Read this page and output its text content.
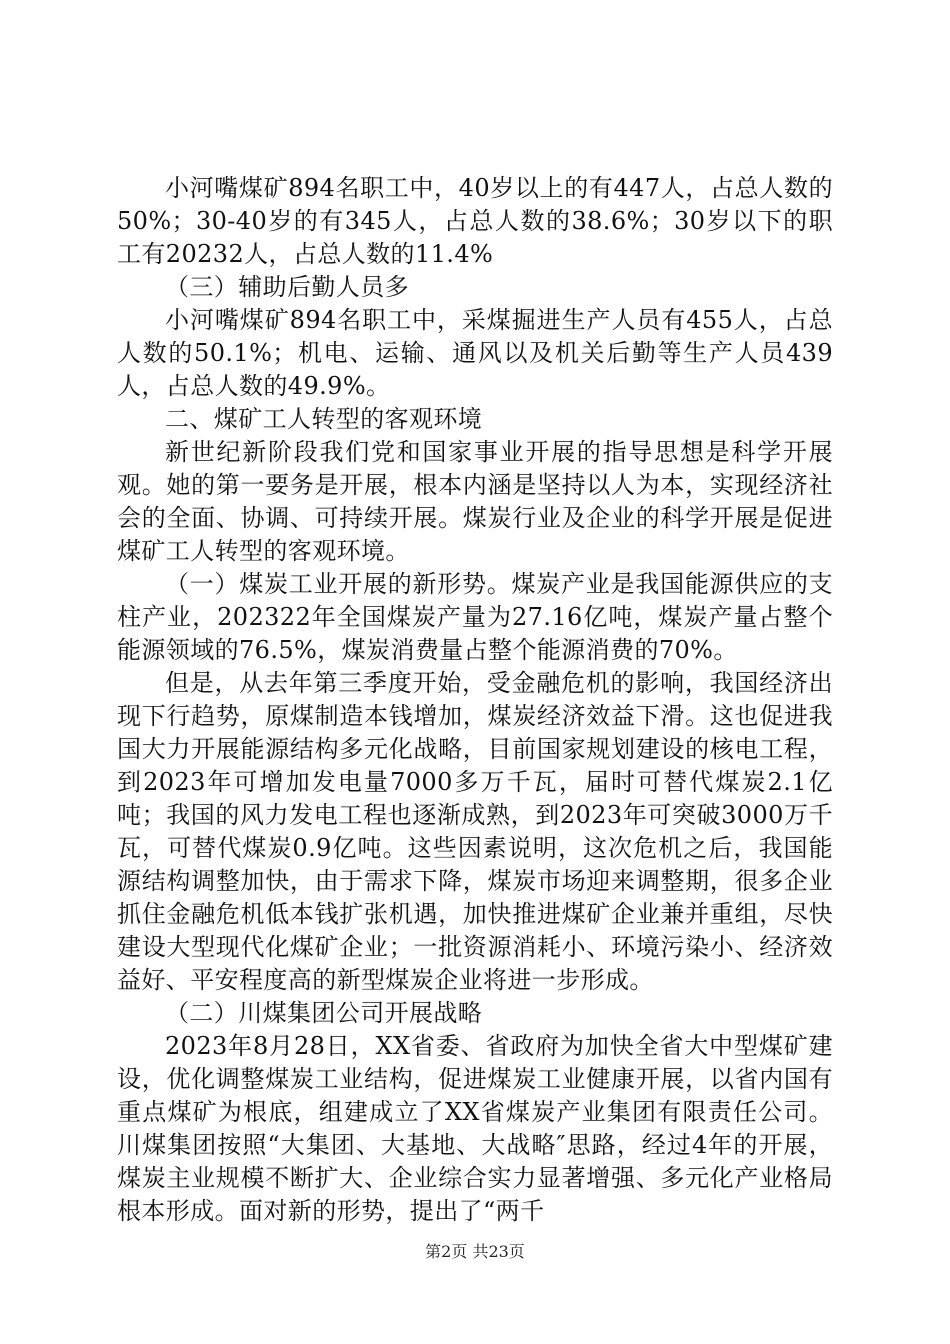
小河嘴煤矿894名职工中，40岁以上的有447人，占总人数的50%；30-40岁的有345人，占总人数的38.6%；30岁以下的职工有20232人，占总人数的11.4%

（三）辅助后勤人员多

小河嘴煤矿894名职工中，采煤掘进生产人员有455人，占总人数的50.1%；机电、运输、通风以及机关后勤等生产人员439人，占总人数的49.9%。

二、煤矿工人转型的客观环境

新世纪新阶段我们党和国家事业开展的指导思想是科学开展观。她的第一要务是开展，根本内涵是坚持以人为本，实现经济社会的全面、协调、可持续开展。煤炭行业及企业的科学开展是促进煤矿工人转型的客观环境。

（一）煤炭工业开展的新形势。煤炭产业是我国能源供应的支柱产业，202322年全国煤炭产量为27.16亿吨，煤炭产量占整个能源领域的76.5%，煤炭消费量占整个能源消费的70%。

但是，从去年第三季度开始，受金融危机的影响，我国经济出现下行趋势，原煤制造本钱增加，煤炭经济效益下滑。这也促进我国大力开展能源结构多元化战略，目前国家规划建设的核电工程，到2023年可增加发电量7000多万千瓦，届时可替代煤炭2.1亿吨；我国的风力发电工程也逐渐成熟，到2023年可突破3000万千瓦，可替代煤炭0.9亿吨。这些因素说明，这次危机之后，我国能源结构调整加快，由于需求下降，煤炭市场迎来调整期，很多企业抓住金融危机低本钱扩张机遇，加快推进煤矿企业兼并重组，尽快建设大型现代化煤矿企业；一批资源消耗小、环境污染小、经济效益好、平安程度高的新型煤炭企业将进一步形成。

（二）川煤集团公司开展战略

2023年8月28日，XX省委、省政府为加快全省大中型煤矿建设，优化调整煤炭工业结构，促进煤炭工业健康开展，以省内国有重点煤矿为根底，组建成立了XX省煤炭产业集团有限责任公司。川煤集团按照“大集团、大基地、大战略″思路，经过4年的开展，煤炭主业规模不断扩大、企业综合实力显著增强、多元化产业格局根本形成。面对新的形势，提出了“两千

第2页 共23页
